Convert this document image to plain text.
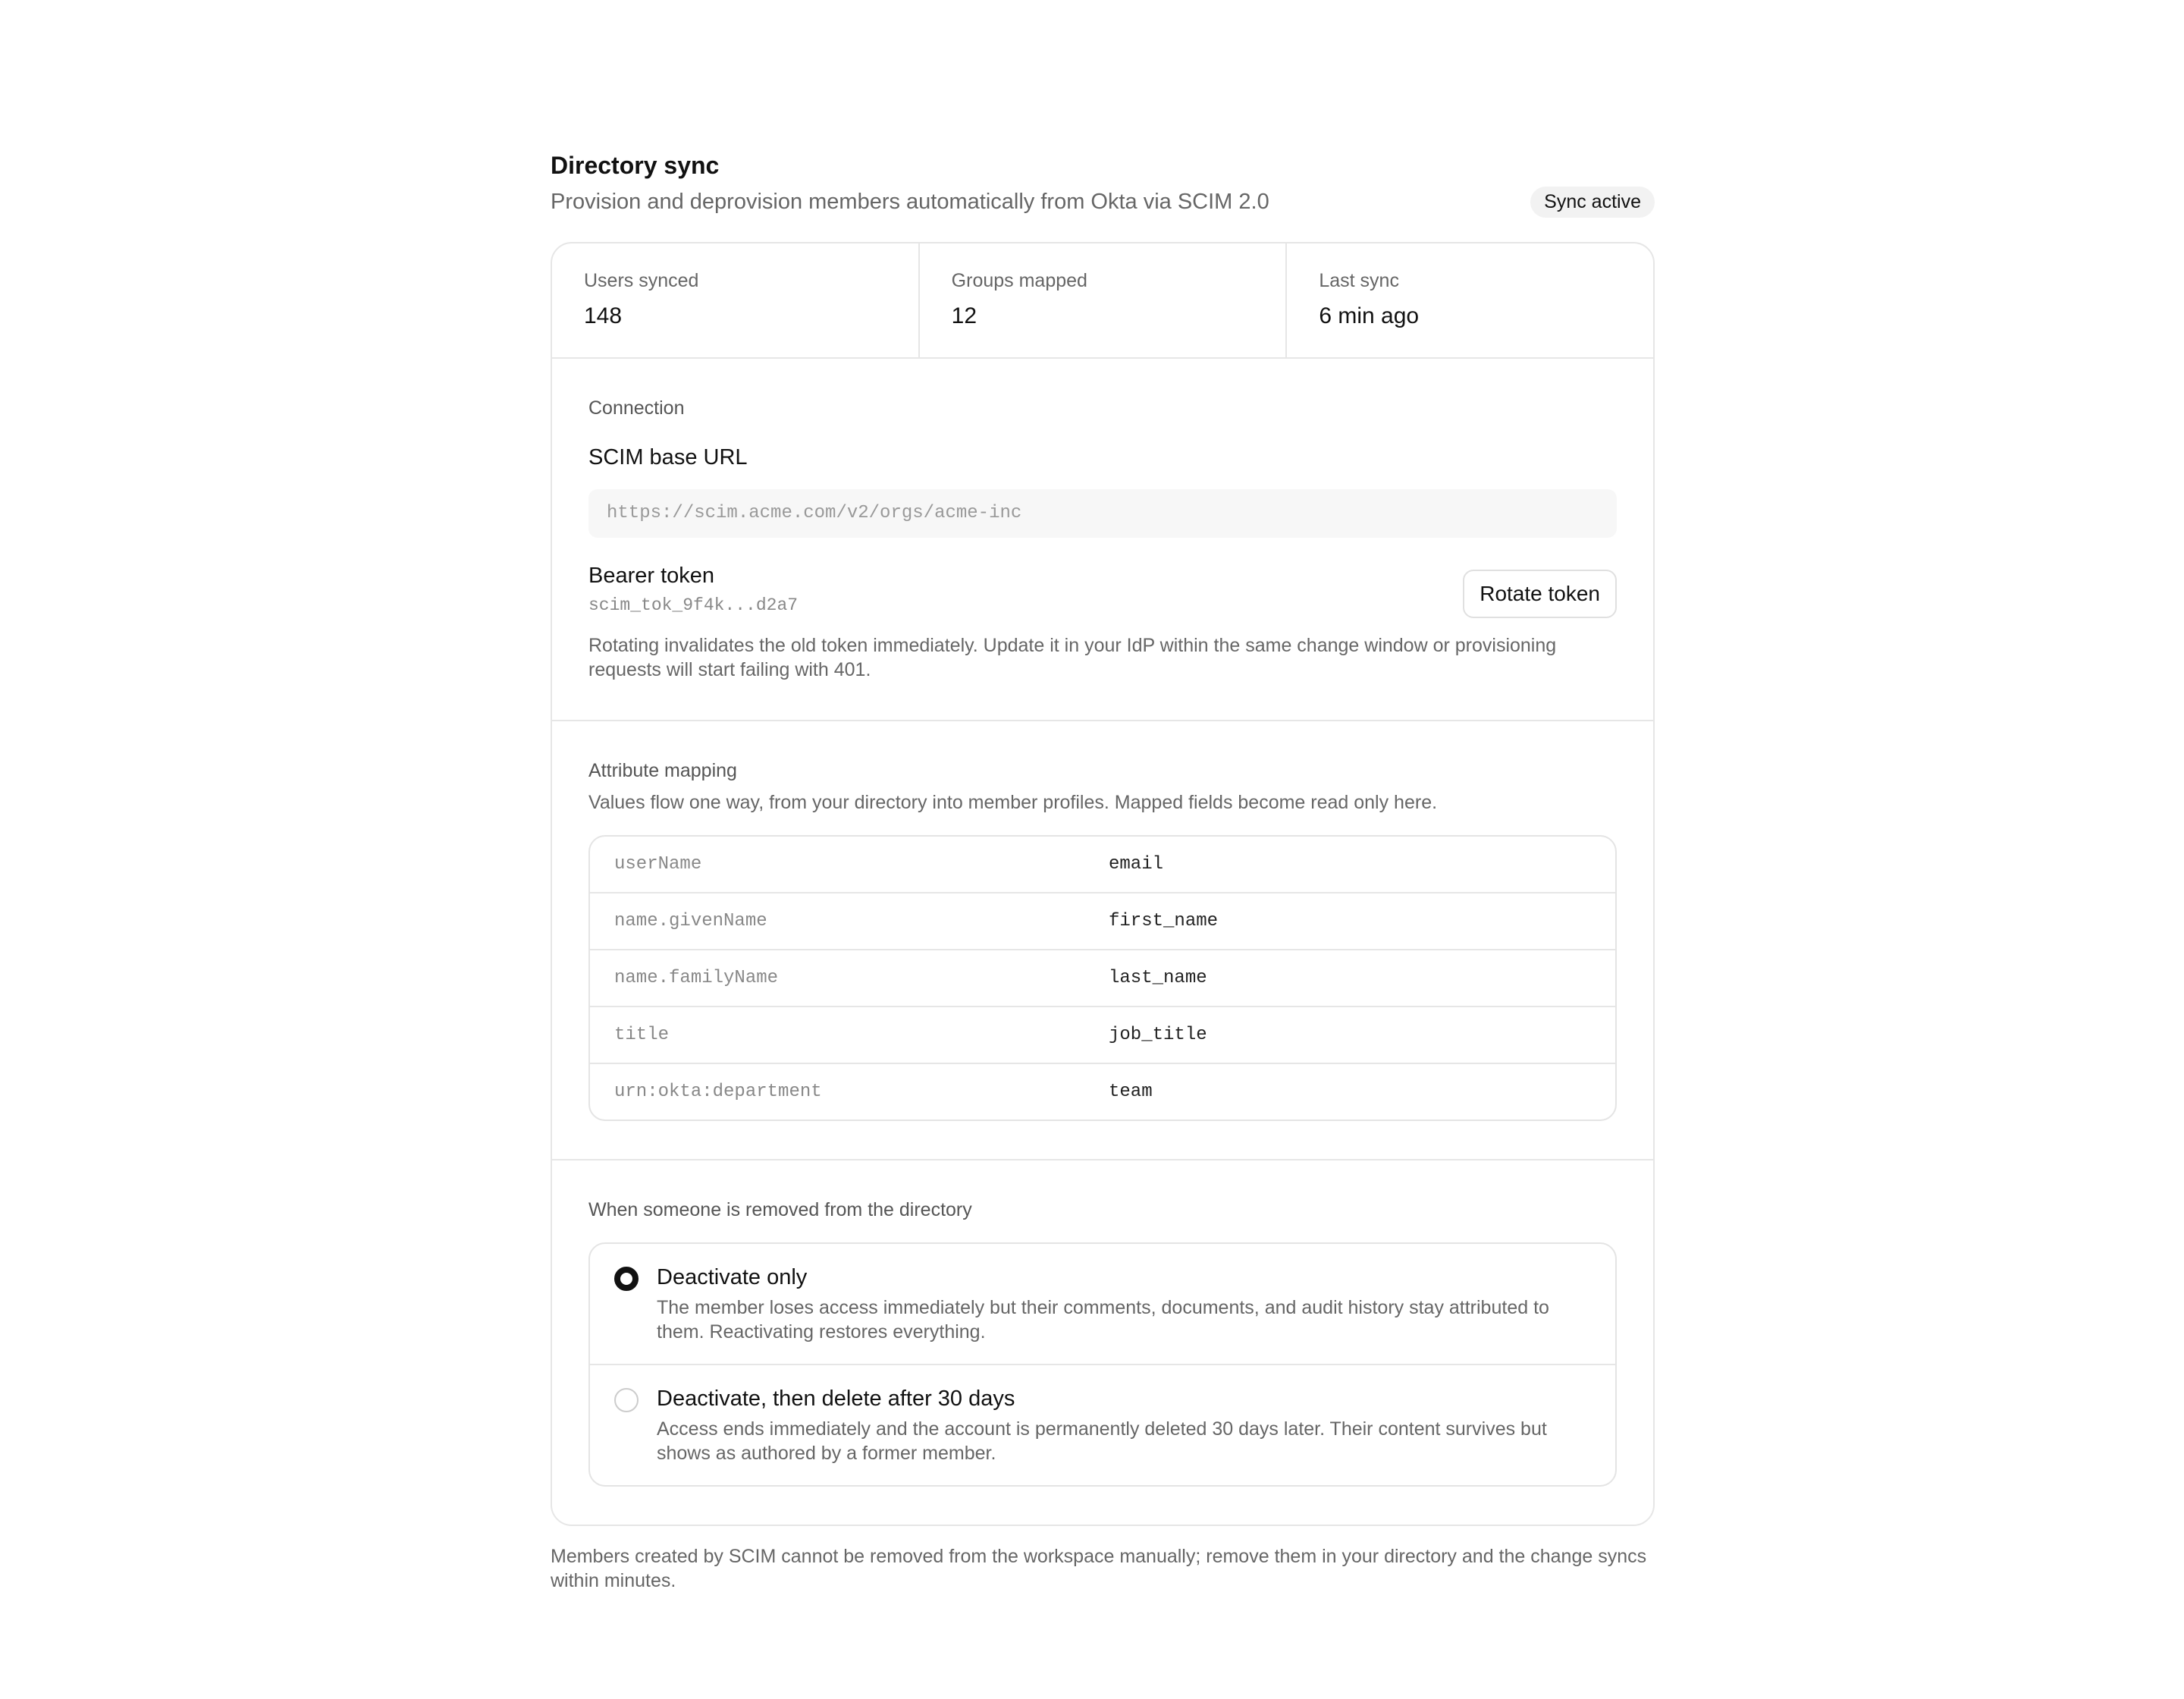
Directory sync
Provision and deprovision members automatically from Okta via SCIM 2.0	Sync active
Users synced
148
Groups mapped
12
Last sync
6 min ago
Connection
SCIM base URL
https://scim.acme.com/v2/orgs/acme-inc
Bearer token
scim_tok_9f4k...d2a7	Rotate token
Rotating invalidates the old token immediately. Update it in your IdP within the same change window or provisioning requests will start failing with 401.
Attribute mapping
Values flow one way, from your directory into member profiles. Mapped fields become read only here.
userName	email
name.givenName	first_name
name.familyName	last_name
title	job_title
urn:okta:department	team
When someone is removed from the directory
Deactivate only
The member loses access immediately but their comments, documents, and audit history stay attributed to them. Reactivating restores everything.
Deactivate, then delete after 30 days
Access ends immediately and the account is permanently deleted 30 days later. Their content survives but shows as authored by a former member.
Members created by SCIM cannot be removed from the workspace manually; remove them in your directory and the change syncs within minutes.
